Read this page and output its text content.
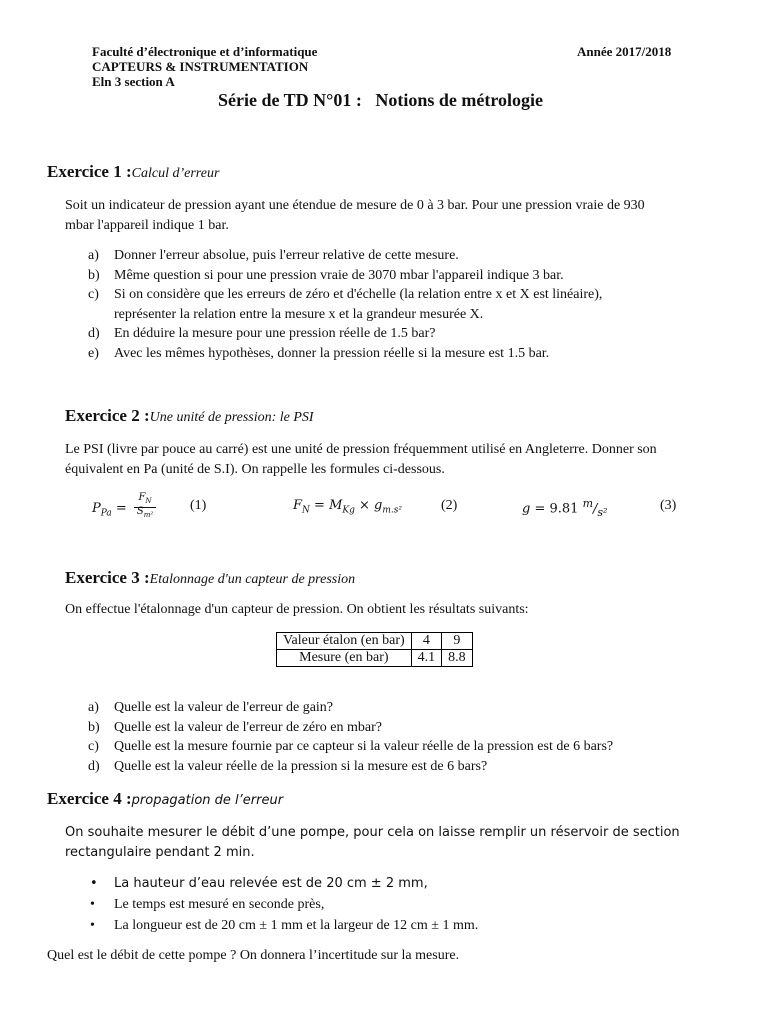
Faculté d’électronique et d’informatique	Année 2017/2018
CAPTEURS & INSTRUMENTATION
Eln 3 section A
Série de TD N°01 :   Notions de métrologie
Exercice 1 :Calcul d’erreur
Soit un indicateur de pression ayant une étendue de mesure de 0 à 3 bar. Pour une pression vraie de 930
mbar l'appareil indique 1 bar.
a) Donner l'erreur absolue, puis l'erreur relative de cette mesure.
b) Même question si pour une pression vraie de 3070 mbar l'appareil indique 3 bar.
c) Si on considère que les erreurs de zéro et d'échelle (la relation entre x et X est linéaire),
représenter la relation entre la mesure x et la grandeur mesurée X.
d) En déduire la mesure pour une pression réelle de 1.5 bar?
e) Avec les mêmes hypothèses, donner la pression réelle si la mesure est 1.5 bar.
Exercice 2 :Une unité de pression: le PSI
Le PSI (livre par pouce au carré) est une unité de pression fréquemment utilisé en Angleterre. Donner son
équivalent en Pa (unité de S.I). On rappelle les formules ci-dessous.
$P_{Pa}$ =
$F_N$
$S_{m^2}$
(1)	$F_N = M_{Kg} \times g_{m.s^2}$	(2)	g = 9.81 $^m/_{s^2}$	(3)
Exercice 3 :Etalonnage d'un capteur de pression
On effectue l'étalonnage d'un capteur de pression. On obtient les résultats suivants:
Valeur étalon (en bar)	4	9
Mesure (en bar)	4.1	8.8
a) Quelle est la valeur de l'erreur de gain?
b) Quelle est la valeur de l'erreur de zéro en mbar?
c) Quelle est la mesure fournie par ce capteur si la valeur réelle de la pression est de 6 bars?
d) Quelle est la valeur réelle de la pression si la mesure est de 6 bars?
Exercice 4 :propagation de l’erreur
On souhaite mesurer le débit d’une pompe, pour cela on laisse remplir un réservoir de section
rectangulaire pendant 2 min.
• La hauteur d’eau relevée est de 20 cm ± 2 mm,
• Le temps est mesuré en seconde près,
• La longueur est de 20 cm ± 1 mm et la largeur de 12 cm ± 1 mm.
Quel est le débit de cette pompe ? On donnera l’incertitude sur la mesure.
